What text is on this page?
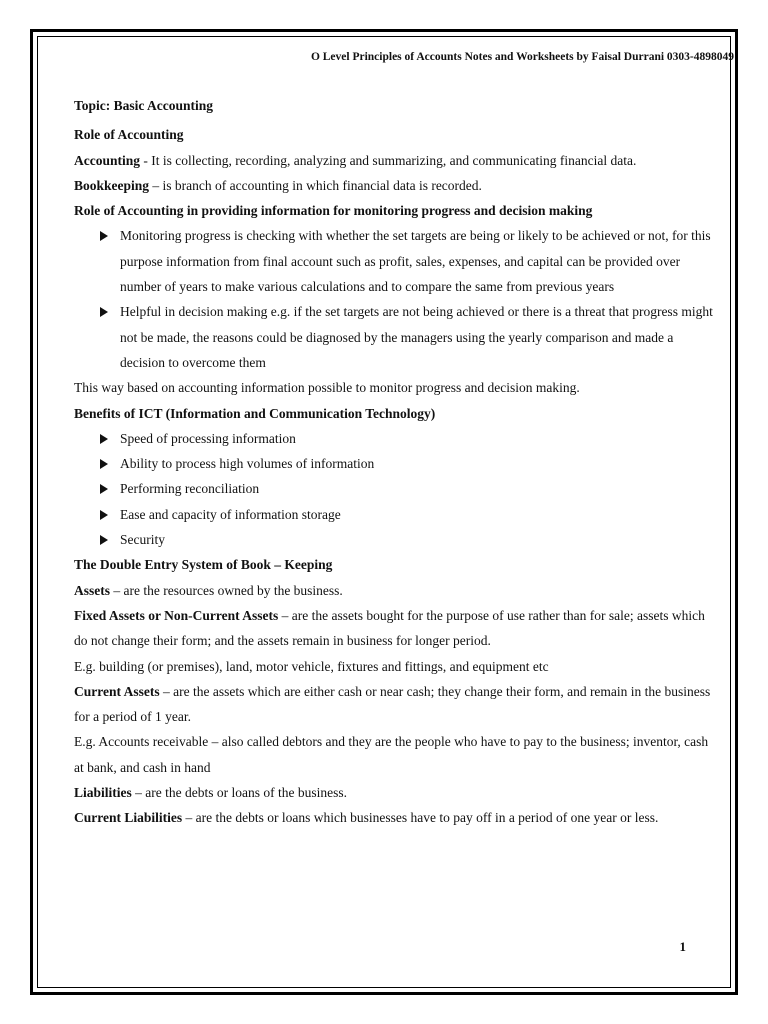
O Level Principles of Accounts Notes and Worksheets by Faisal Durrani 0303-4898049

Topic: Basic Accounting

Role of Accounting

Accounting - It is collecting, recording, analyzing and summarizing, and communicating financial data.

Bookkeeping – is branch of accounting in which financial data is recorded.

Role of Accounting in providing information for monitoring progress and decision making

Monitoring progress is checking with whether the set targets are being or likely to be achieved or not, for this purpose information from final account such as profit, sales, expenses, and capital can be provided over number of years to make various calculations and to compare the same from previous years
Helpful in decision making e.g. if the set targets are not being achieved or there is a threat that progress might not be made, the reasons could be diagnosed by the managers using the yearly comparison and made a decision to overcome them

This way based on accounting information possible to monitor progress and decision making.

Benefits of ICT (Information and Communication Technology)

Speed of processing information
Ability to process high volumes of information
Performing reconciliation
Ease and capacity of information storage
Security

The Double Entry System of Book – Keeping

Assets – are the resources owned by the business.

Fixed Assets or Non-Current Assets – are the assets bought for the purpose of use rather than for sale; assets which do not change their form; and the assets remain in business for longer period.

E.g. building (or premises), land, motor vehicle, fixtures and fittings, and equipment etc

Current Assets – are the assets which are either cash or near cash; they change their form, and remain in the business for a period of 1 year.

E.g. Accounts receivable – also called debtors and they are the people who have to pay to the business; inventor, cash at bank, and cash in hand

Liabilities – are the debts or loans of the business.

Current Liabilities – are the debts or loans which businesses have to pay off in a period of one year or less.

1
